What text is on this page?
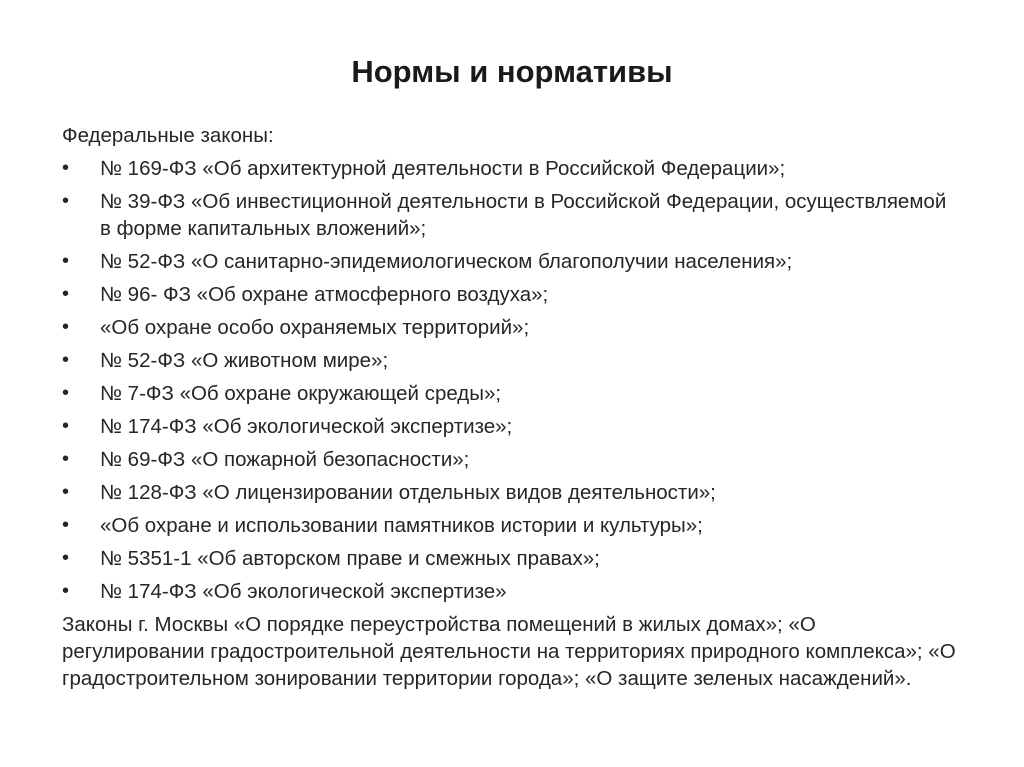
Нормы и нормативы
Федеральные законы:
•	№ 169-ФЗ «Об архитектурной деятельности в Российской Федерации»;
•	№ 39-ФЗ «Об инвестиционной деятельности в Российской Федерации, осуществляемой в форме капитальных вложений»;
•	№ 52-ФЗ «О санитарно-эпидемиологическом благополучии населения»;
•	№ 96- ФЗ «Об охране атмосферного воздуха»;
•	«Об охране особо охраняемых территорий»;
•	№ 52-ФЗ «О животном мире»;
•	№ 7-ФЗ «Об охране окружающей среды»;
•	№ 174-ФЗ «Об экологической экспертизе»;
•	№ 69-ФЗ «О пожарной безопасности»;
•	№ 128-ФЗ «О лицензировании отдельных видов деятельности»;
•	«Об охране и использовании памятников истории и культуры»;
•	№ 5351-1 «Об авторском праве и смежных правах»;
•	№ 174-ФЗ «Об экологической экспертизе»
Законы г. Москвы «О порядке переустройства помещений в жилых домах»; «О регулировании градостроительной деятельности на территориях природного комплекса»; «О градостроительном зонировании территории города»; «О защите зеленых насаждений».
